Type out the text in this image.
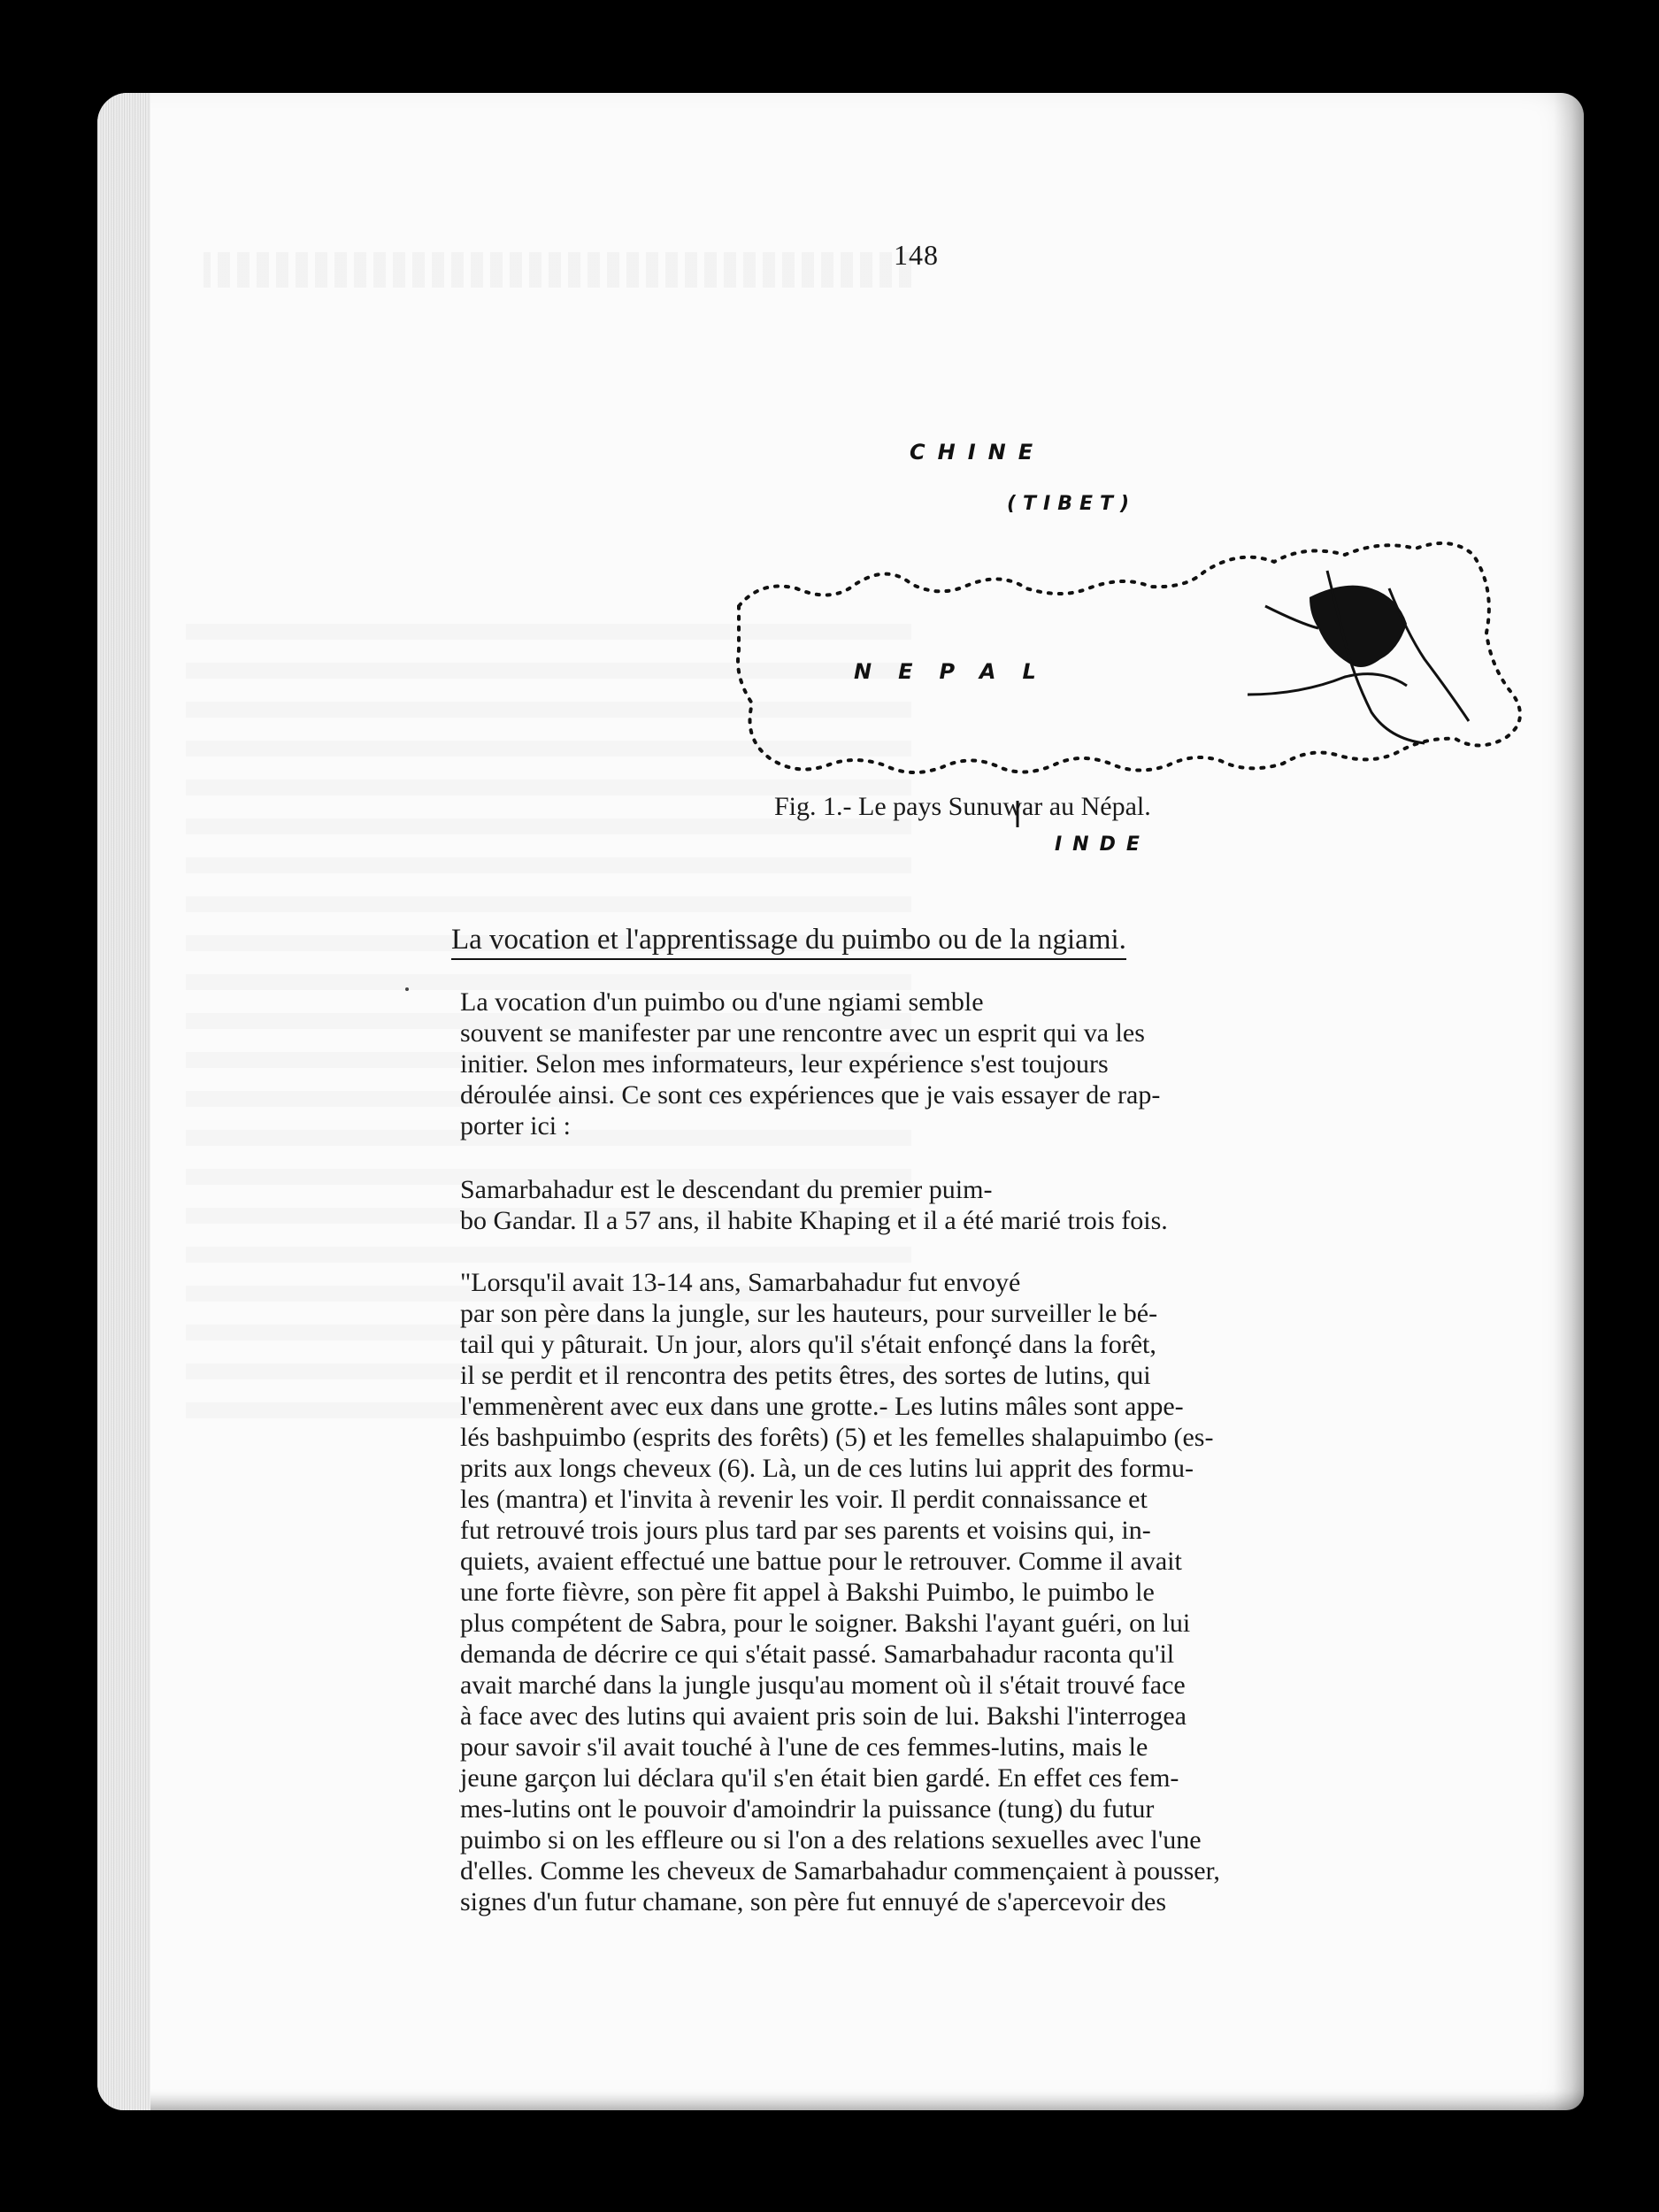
148
CHINE
(TIBET)
NEPAL
INDE
Fig. 1.- Le pays Sunuwar au Népal.
La vocation et l'apprentissage du puimbo ou de la ngiami.
La vocation d'un puimbo ou d'une ngiami semble
souvent se manifester par une rencontre avec un esprit qui va les
initier. Selon mes informateurs, leur expérience s'est toujours
déroulée ainsi. Ce sont ces expériences que je vais essayer de rap-
porter ici :
Samarbahadur est le descendant du premier puim-
bo Gandar. Il a 57 ans, il habite Khaping et il a été marié trois fois.
"Lorsqu'il avait 13-14 ans, Samarbahadur fut envoyé
par son père dans la jungle, sur les hauteurs, pour surveiller le bé-
tail qui y pâturait. Un jour, alors qu'il s'était enfonçé dans la forêt,
il se perdit et il rencontra des petits êtres, des sortes de lutins, qui
l'emmenèrent avec eux dans une grotte.- Les lutins mâles sont appe-
lés bashpuimbo (esprits des forêts) (5) et les femelles shalapuimbo (es-
prits aux longs cheveux (6). Là, un de ces lutins lui apprit des formu-
les (mantra) et l'invita à revenir les voir. Il perdit connaissance et
fut retrouvé trois jours plus tard par ses parents et voisins qui, in-
quiets, avaient effectué une battue pour le retrouver. Comme il avait
une forte fièvre, son père fit appel à Bakshi Puimbo, le puimbo le
plus compétent de Sabra, pour le soigner. Bakshi l'ayant guéri, on lui
demanda de décrire ce qui s'était passé. Samarbahadur raconta qu'il
avait marché dans la jungle jusqu'au moment où il s'était trouvé face
à face avec des lutins qui avaient pris soin de lui. Bakshi l'interrogea
pour savoir s'il avait touché à l'une de ces femmes-lutins, mais le
jeune garçon lui déclara qu'il s'en était bien gardé. En effet ces fem-
mes-lutins ont le pouvoir d'amoindrir la puissance (tung) du futur
puimbo si on les effleure ou si l'on a des relations sexuelles avec l'une
d'elles. Comme les cheveux de Samarbahadur commençaient à pousser,
signes d'un futur chamane, son père fut ennuyé de s'apercevoir des
